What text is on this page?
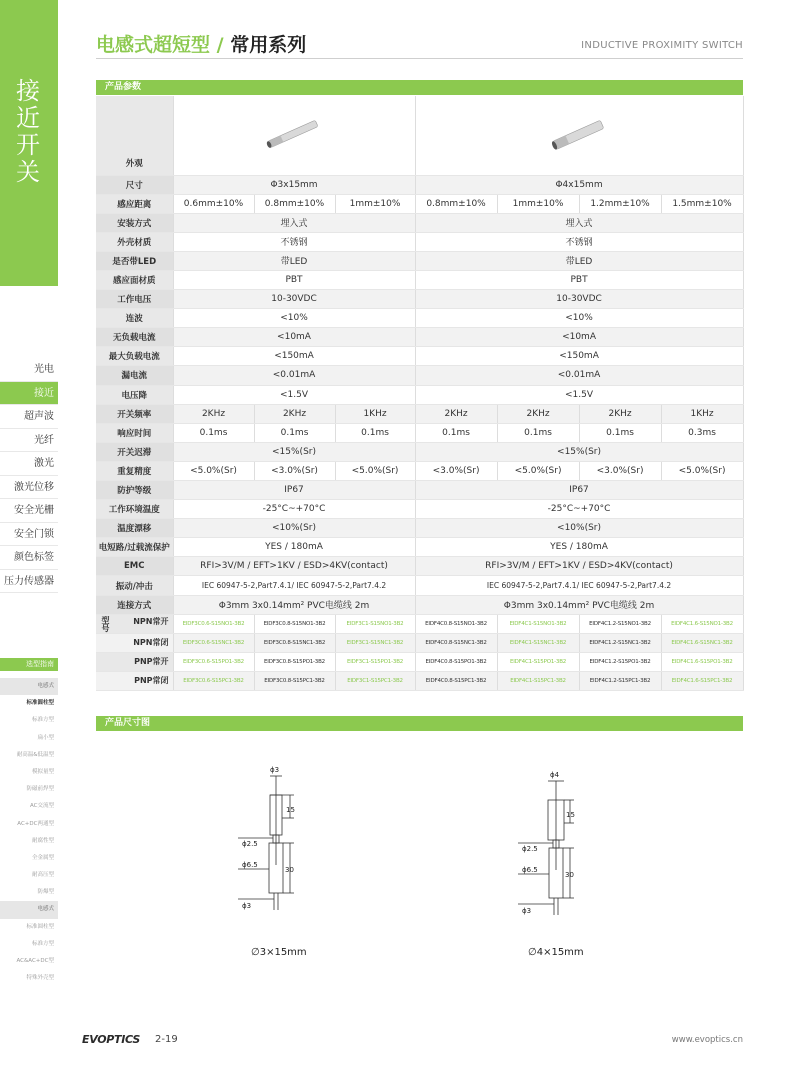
接
近
开
关
光电
接近
超声波
光纤
激光
激光位移
安全光栅
安全门锁
颜色标签
压力传感器
选型指南
电感式
标准圆柱型
标准方型
扁小型
耐高温&低温型
模拟量型
防磁前焊型
AC交流型
AC+DC两通型
耐腐性型
全金属型
耐高压型
防爆型
电感式
标准圆柱型
标准方型
AC&AC+DC型
特殊外壳型
电感式超短型 / 常用系列	INDUCTIVE PROXIMITY SWITCH
产品参数
外观		
尺寸	Φ3x15mm			Φ4x15mm			
感应距离	0.6mm±10%	0.8mm±10%	1mm±10%	0.8mm±10%	1mm±10%	1.2mm±10%	1.5mm±10%
安装方式	埋入式			埋入式			
外壳材质	不锈钢			不锈钢			
是否带LED	带LED			带LED			
感应面材质	PBT			PBT			
工作电压	10-30VDC			10-30VDC			
连波	<10%			<10%			
无负载电流	<10mA			<10mA			
最大负载电流	<150mA			<150mA			
漏电流	<0.01mA			<0.01mA			
电压降	<1.5V			<1.5V			
开关频率	2KHz	2KHz	1KHz	2KHz	2KHz	2KHz	1KHz
响应时间	0.1ms	0.1ms	0.1ms	0.1ms	0.1ms	0.1ms	0.3ms
开关迟滞	<15%(Sr)			<15%(Sr)			
重复精度	<5.0%(Sr)	<3.0%(Sr)	<5.0%(Sr)	<3.0%(Sr)	<5.0%(Sr)	<3.0%(Sr)	<5.0%(Sr)
防护等级	IP67			IP67			
工作环境温度	-25°C~+70°C			-25°C~+70°C			
温度漂移	<10%(Sr)			<10%(Sr)			
电短路/过载流保护	YES / 180mA			YES / 180mA			
EMC	RFI>3V/M / EFT>1KV / ESD>4KV(contact)			RFI>3V/M / EFT>1KV / ESD>4KV(contact)			
振动/冲击	IEC 60947-5-2,Part7.4.1/ IEC 60947-5-2,Part7.4.2			IEC 60947-5-2,Part7.4.1/ IEC 60947-5-2,Part7.4.2			
连接方式	Φ3mm 3x0.14mm² PVC电缆线 2m			Φ3mm 3x0.14mm² PVC电缆线 2m			

型号 NPN常开	EIDF3C0.6-S15NO1-3B2	EIDF3C0.8-S15NO1-3B2	EIDF3C1-S15NO1-3B2	EIDF4C0.8-S15NO1-3B2	EIDF4C1-S15NO1-3B2	EIDF4C1.2-S15NO1-3B2	EIDF4C1.6-S15NO1-3B2
NPN常闭	EIDF3C0.6-S15NC1-3B2	EIDF3C0.8-S15NC1-3B2	EIDF3C1-S15NC1-3B2	EIDF4C0.8-S15NC1-3B2	EIDF4C1-S15NC1-3B2	EIDF4C1.2-S15NC1-3B2	EIDF4C1.6-S15NC1-3B2
PNP常开	EIDF3C0.6-S15PO1-3B2	EIDF3C0.8-S15PO1-3B2	EIDF3C1-S15PO1-3B2	EIDF4C0.8-S15PO1-3B2	EIDF4C1-S15PO1-3B2	EIDF4C1.2-S15PO1-3B2	EIDF4C1.6-S15PO1-3B2
PNP常闭	EIDF3C0.6-S15PC1-3B2	EIDF3C0.8-S15PC1-3B2	EIDF3C1-S15PC1-3B2	EIDF4C0.8-S15PC1-3B2	EIDF4C1-S15PC1-3B2	EIDF4C1.2-S15PC1-3B2	EIDF4C1.6-S15PC1-3B2
产品尺寸图
ϕ3
15
ϕ2.5
ϕ6.5
30
ϕ3
∅3×15mm
ϕ4
15
ϕ2.5
ϕ6.5
30
ϕ3
∅4×15mm
EVOPTICS 2-19	www.evoptics.cn
